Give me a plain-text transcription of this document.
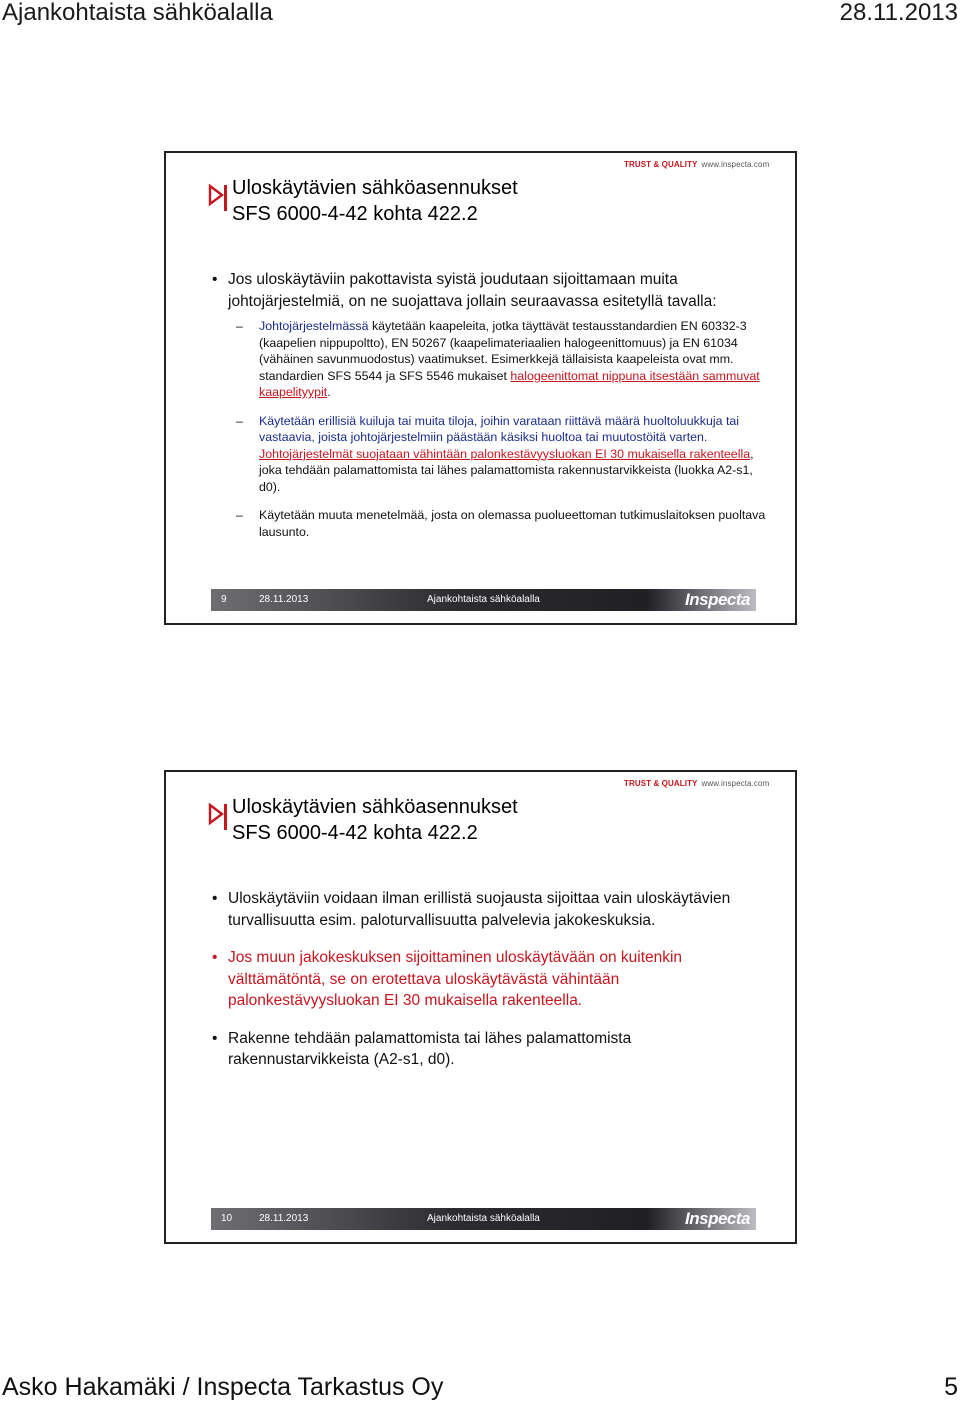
Ajankohtaista sähköalalla	28.11.2013
TRUST & QUALITY www.inspecta.com
Uloskäytävien sähköasennukset
SFS 6000-4-42 kohta 422.2
• Jos uloskäytäviin pakottavista syistä joudutaan sijoittamaan muita johtojärjestelmiä, on ne suojattava jollain seuraavassa esitetyllä tavalla:
– Johtojärjestelmässä käytetään kaapeleita, jotka täyttävät testausstandardien EN 60332-3 (kaapelien nippupoltto), EN 50267 (kaapelimateriaalien halogeenittomuus) ja EN 61034 (vähäinen savunmuodostus) vaatimukset. Esimerkkejä tällaisista kaapeleista ovat mm. standardien SFS 5544 ja SFS 5546 mukaiset halogeenittomat nippuna itsestään sammuvat kaapelityypit.
– Käytetään erillisiä kuiluja tai muita tiloja, joihin varataan riittävä määrä huoltoluukkuja tai vastaavia, joista johtojärjestelmiin päästään käsiksi huoltoa tai muutostöitä varten. Johtojärjestelmät suojataan vähintään palonkestävyysluokan EI 30 mukaisella rakenteella, joka tehdään palamattomista tai lähes palamattomista rakennustarvikkeista (luokka A2-s1, d0).
– Käytetään muuta menetelmää, josta on olemassa puolueettoman tutkimuslaitoksen puoltava lausunto.
9	28.11.2013	Ajankohtaista sähköalalla	Inspecta
TRUST & QUALITY www.inspecta.com
Uloskäytävien sähköasennukset
SFS 6000-4-42 kohta 422.2
• Uloskäytäviin voidaan ilman erillistä suojausta sijoittaa vain uloskäytävien turvallisuutta esim. paloturvallisuutta palvelevia jakokeskuksia.
• Jos muun jakokeskuksen sijoittaminen uloskäytävään on kuitenkin välttämätöntä, se on erotettava uloskäytävästä vähintään palonkestävyysluokan EI 30 mukaisella rakenteella.
• Rakenne tehdään palamattomista tai lähes palamattomista rakennustarvikkeista (A2-s1, d0).
10	28.11.2013	Ajankohtaista sähköalalla	Inspecta
Asko Hakamäki / Inspecta Tarkastus Oy	5
